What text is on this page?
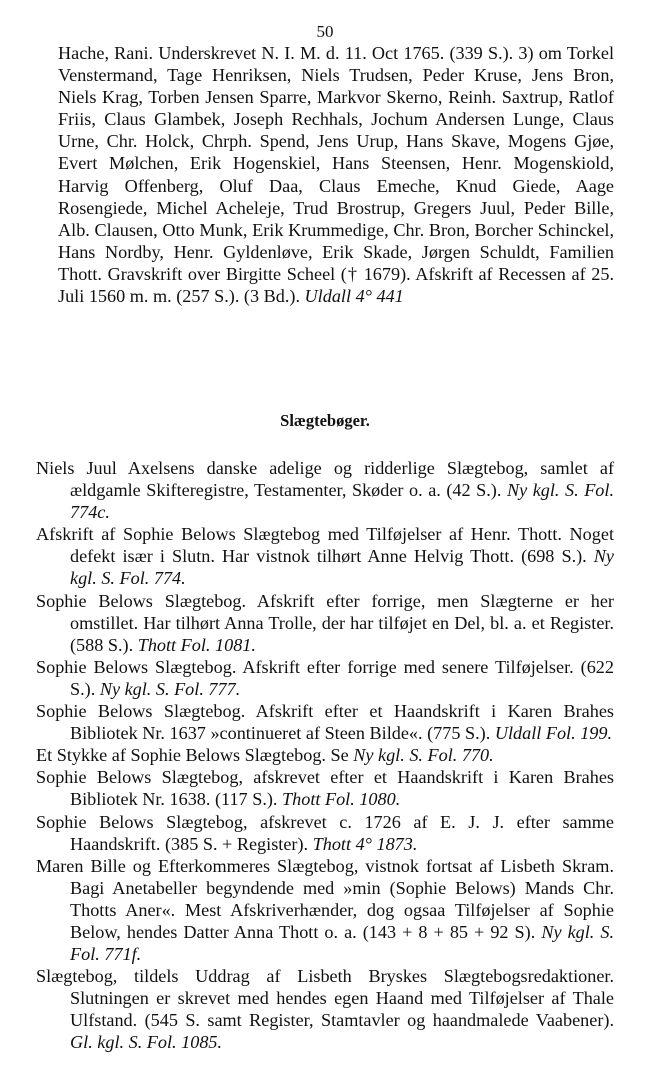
50

Hache, Rani. Underskrevet N. I. M. d. 11. Oct 1765. (339 S.). 3) om Torkel Venstermand, Tage Henriksen, Niels Trudsen, Peder Kruse, Jens Bron, Niels Krag, Torben Jensen Sparre, Markvor Skerno, Reinh. Saxtrup, Ratlof Friis, Claus Glambek, Joseph Rechhals, Jochum Andersen Lunge, Claus Urne, Chr. Holck, Chrph. Spend, Jens Urup, Hans Skave, Mogens Gjøe, Evert Mølchen, Erik Hogenskiel, Hans Steensen, Henr. Mogenskiold, Harvig Offenberg, Oluf Daa, Claus Emeche, Knud Giede, Aage Rosengiede, Michel Acheleje, Trud Brostrup, Gregers Juul, Peder Bille, Alb. Clausen, Otto Munk, Erik Krummedige, Chr. Bron, Borcher Schinckel, Hans Nordby, Henr. Gyldenløve, Erik Skade, Jørgen Schuldt, Familien Thott. Gravskrift over Birgitte Scheel († 1679). Afskrift af Recessen af 25. Juli 1560 m. m. (257 S.). (3 Bd.). Uldall 4° 441

Slægtebøger.

Niels Juul Axelsens danske adelige og ridderlige Slægtebog, samlet af ældgamle Skifteregistre, Testamenter, Skøder o. a. (42 S.). Ny kgl. S. Fol. 774c.

Afskrift af Sophie Belows Slægtebog med Tilføjelser af Henr. Thott. Noget defekt især i Slutn. Har vistnok tilhørt Anne Helvig Thott. (698 S.). Ny kgl. S. Fol. 774.

Sophie Belows Slægtebog. Afskrift efter forrige, men Slægterne er her omstillet. Har tilhørt Anna Trolle, der har tilføjet en Del, bl. a. et Register. (588 S.). Thott Fol. 1081.

Sophie Belows Slægtebog. Afskrift efter forrige med senere Tilføjelser. (622 S.). Ny kgl. S. Fol. 777.

Sophie Belows Slægtebog. Afskrift efter et Haandskrift i Karen Brahes Bibliotek Nr. 1637 »continueret af Steen Bilde«. (775 S.). Uldall Fol. 199.

Et Stykke af Sophie Belows Slægtebog. Se Ny kgl. S. Fol. 770.

Sophie Belows Slægtebog, afskrevet efter et Haandskrift i Karen Brahes Bibliotek Nr. 1638. (117 S.). Thott Fol. 1080.

Sophie Belows Slægtebog, afskrevet c. 1726 af E. J. J. efter samme Haandskrift. (385 S. + Register). Thott 4° 1873.

Maren Bille og Efterkommeres Slægtebog, vistnok fortsat af Lisbeth Skram. Bagi Anetabeller begyndende med »min (Sophie Belows) Mands Chr. Thotts Aner«. Mest Afskriverhænder, dog ogsaa Tilføjelser af Sophie Below, hendes Datter Anna Thott o. a. (143 + 8 + 85 + 92 S). Ny kgl. S. Fol. 771f.

Slægtebog, tildels Uddrag af Lisbeth Bryskes Slægtebogsredaktioner. Slutningen er skrevet med hendes egen Haand med Tilføjelser af Thale Ulfstand. (545 S. samt Register, Stamtavler og haandmalede Vaabener). Gl. kgl. S. Fol. 1085.
